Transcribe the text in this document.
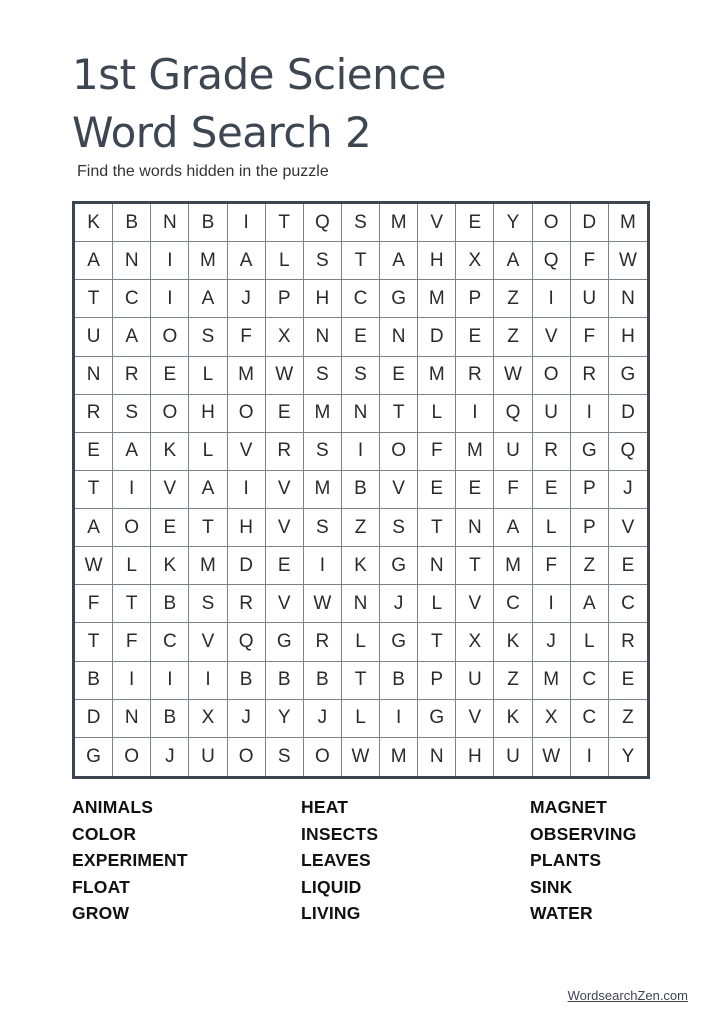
1st Grade Science
Word Search 2
Find the words hidden in the puzzle
K	B	N	B	I	T	Q	S	M	V	E	Y	O	D	M
A	N	I	M	A	L	S	T	A	H	X	A	Q	F	W
T	C	I	A	J	P	H	C	G	M	P	Z	I	U	N
U	A	O	S	F	X	N	E	N	D	E	Z	V	F	H
N	R	E	L	M	W	S	S	E	M	R	W	O	R	G
R	S	O	H	O	E	M	N	T	L	I	Q	U	I	D
E	A	K	L	V	R	S	I	O	F	M	U	R	G	Q
T	I	V	A	I	V	M	B	V	E	E	F	E	P	J
A	O	E	T	H	V	S	Z	S	T	N	A	L	P	V
W	L	K	M	D	E	I	K	G	N	T	M	F	Z	E
F	T	B	S	R	V	W	N	J	L	V	C	I	A	C
T	F	C	V	Q	G	R	L	G	T	X	K	J	L	R
B	I	I	I	B	B	B	T	B	P	U	Z	M	C	E
D	N	B	X	J	Y	J	L	I	G	V	K	X	C	Z
G	O	J	U	O	S	O	W	M	N	H	U	W	I	Y
ANIMALS
COLOR
EXPERIMENT
FLOAT
GROW
HEAT
INSECTS
LEAVES
LIQUID
LIVING
MAGNET
OBSERVING
PLANTS
SINK
WATER
WordsearchZen.com
